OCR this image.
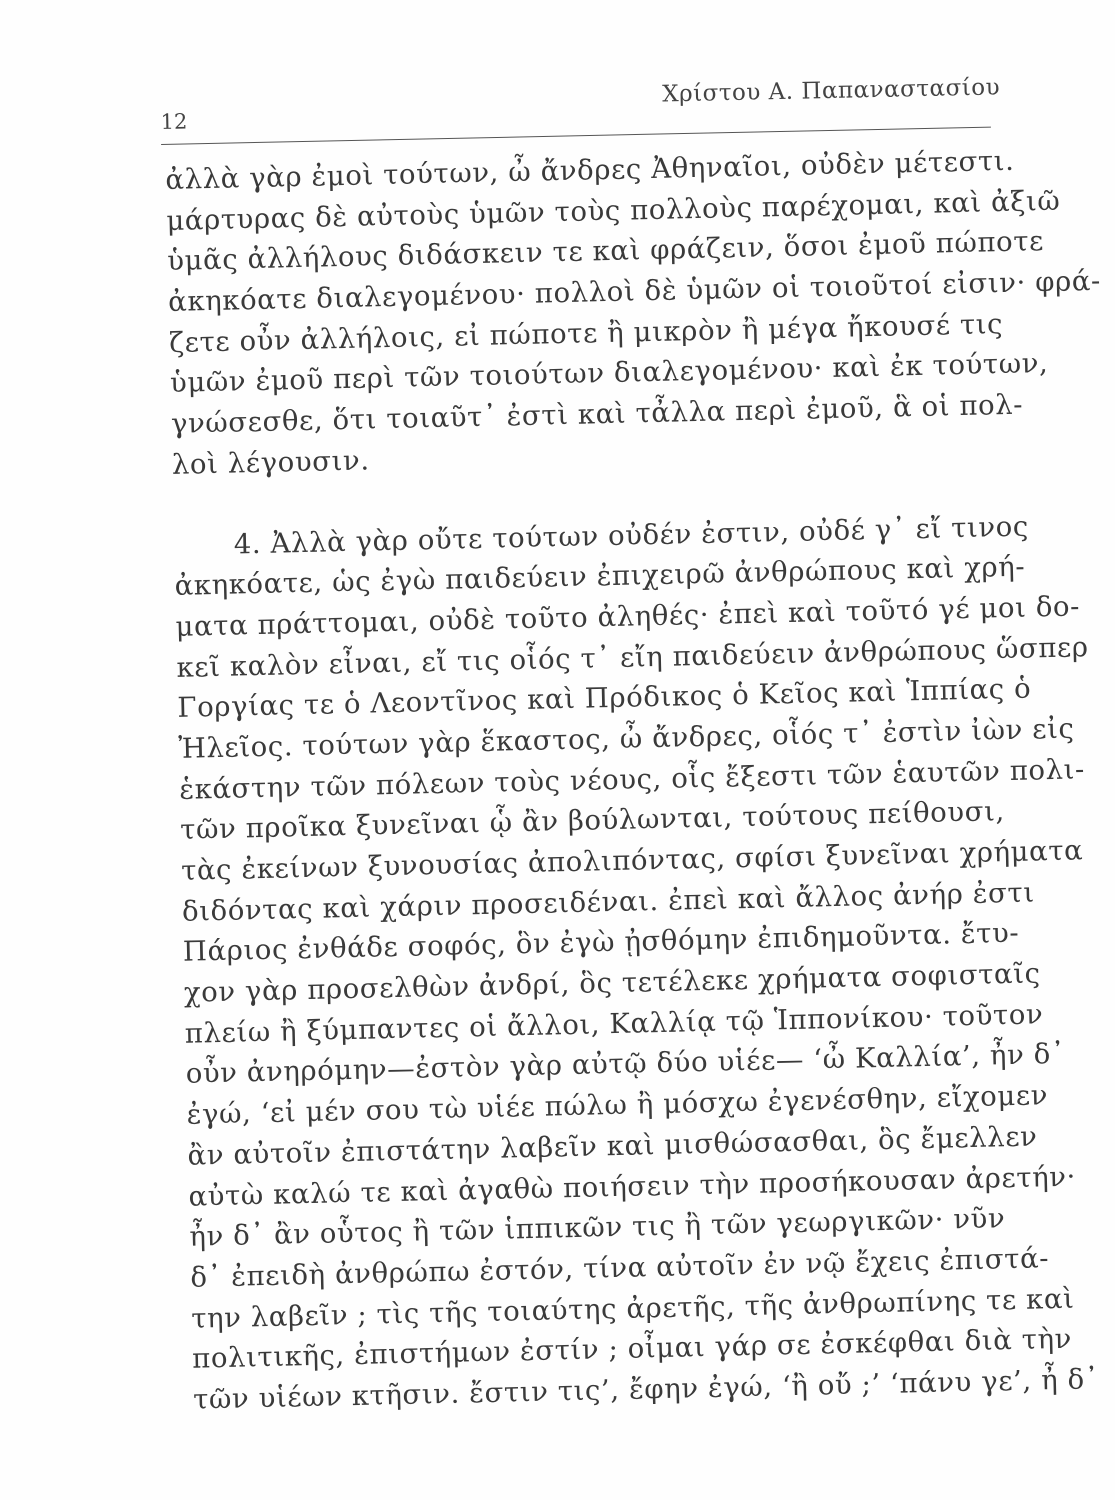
12
Χρίστου Α. Παπαναστασίου
ἀλλὰ γὰρ ἐμοὶ τούτων, ὦ ἄνδρες Ἀθηναῖοι, οὐδὲν μέτεστι.
μάρτυρας δὲ αὐτοὺς ὑμῶν τοὺς πολλοὺς παρέχομαι, καὶ ἀξιῶ
ὑμᾶς ἀλλήλους διδάσκειν τε καὶ φράζειν, ὅσοι ἐμοῦ πώποτε
ἀκηκόατε διαλεγομένου· πολλοὶ δὲ ὑμῶν οἱ τοιοῦτοί εἰσιν· φρά-
ζετε οὖν ἀλλήλοις, εἰ πώποτε ἢ μικρὸν ἢ μέγα ἤκουσέ τις
ὑμῶν ἐμοῦ περὶ τῶν τοιούτων διαλεγομένου· καὶ ἐκ τούτων,
γνώσεσθε, ὅτι τοιαῦτ᾽ ἐστὶ καὶ τἆλλα περὶ ἐμοῦ, ἃ οἱ πολ-
λοὶ λέγουσιν.
4. Ἀλλὰ γὰρ οὔτε τούτων οὐδέν ἐστιν, οὐδέ γ᾽ εἴ τινος
ἀκηκόατε, ὡς ἐγὼ παιδεύειν ἐπιχειρῶ ἀνθρώπους καὶ χρή-
ματα πράττομαι, οὐδὲ τοῦτο ἀληθές· ἐπεὶ καὶ τοῦτό γέ μοι δο-
κεῖ καλὸν εἶναι, εἴ τις οἷός τ᾽ εἴη παιδεύειν ἀνθρώπους ὥσπερ
Γοργίας τε ὁ Λεοντῖνος καὶ Πρόδικος ὁ Κεῖος καὶ Ἱππίας ὁ
Ἠλεῖος. τούτων γὰρ ἕκαστος, ὦ ἄνδρες, οἷός τ᾽ ἐστὶν ἰὼν εἰς
ἑκάστην τῶν πόλεων τοὺς νέους, οἷς ἔξεστι τῶν ἑαυτῶν πολι-
τῶν προῖκα ξυνεῖναι ᾧ ἂν βούλωνται, τούτους πείθουσι,
τὰς ἐκείνων ξυνουσίας ἀπολιπόντας, σφίσι ξυνεῖναι χρήματα
διδόντας καὶ χάριν προσειδέναι. ἐπεὶ καὶ ἄλλος ἀνήρ ἐστι
Πάριος ἐνθάδε σοφός, ὃν ἐγὼ ᾐσθόμην ἐπιδημοῦντα. ἔτυ-
χον γὰρ προσελθὼν ἀνδρί, ὃς τετέλεκε χρήματα σοφισταῖς
πλείω ἢ ξύμπαντες οἱ ἄλλοι, Καλλίᾳ τῷ Ἱππονίκου· τοῦτον
οὖν ἀνηρόμην—ἐστὸν γὰρ αὐτῷ δύο υἱέε— ‘ὦ Καλλία’, ἦν δ᾽
ἐγώ, ‘εἰ μέν σου τὼ υἱέε πώλω ἢ μόσχω ἐγενέσθην, εἴχομεν
ἂν αὐτοῖν ἐπιστάτην λαβεῖν καὶ μισθώσασθαι, ὃς ἔμελλεν
αὐτὼ καλώ τε καὶ ἀγαθὼ ποιήσειν τὴν προσήκουσαν ἀρετήν·
ἦν δ᾽ ἂν οὗτος ἢ τῶν ἱππικῶν τις ἢ τῶν γεωργικῶν· νῦν
δ᾽ ἐπειδὴ ἀνθρώπω ἐστόν, τίνα αὐτοῖν ἐν νῷ ἔχεις ἐπιστά-
την λαβεῖν ; τὶς τῆς τοιαύτης ἀρετῆς, τῆς ἀνθρωπίνης τε καὶ
πολιτικῆς, ἐπιστήμων ἐστίν ; οἶμαι γάρ σε ἐσκέφθαι διὰ τὴν
τῶν υἱέων κτῆσιν. ἔστιν τις’, ἔφην ἐγώ, ‘ἢ οὔ ;’ ‘πάνυ γε’, ἦ δ᾽
